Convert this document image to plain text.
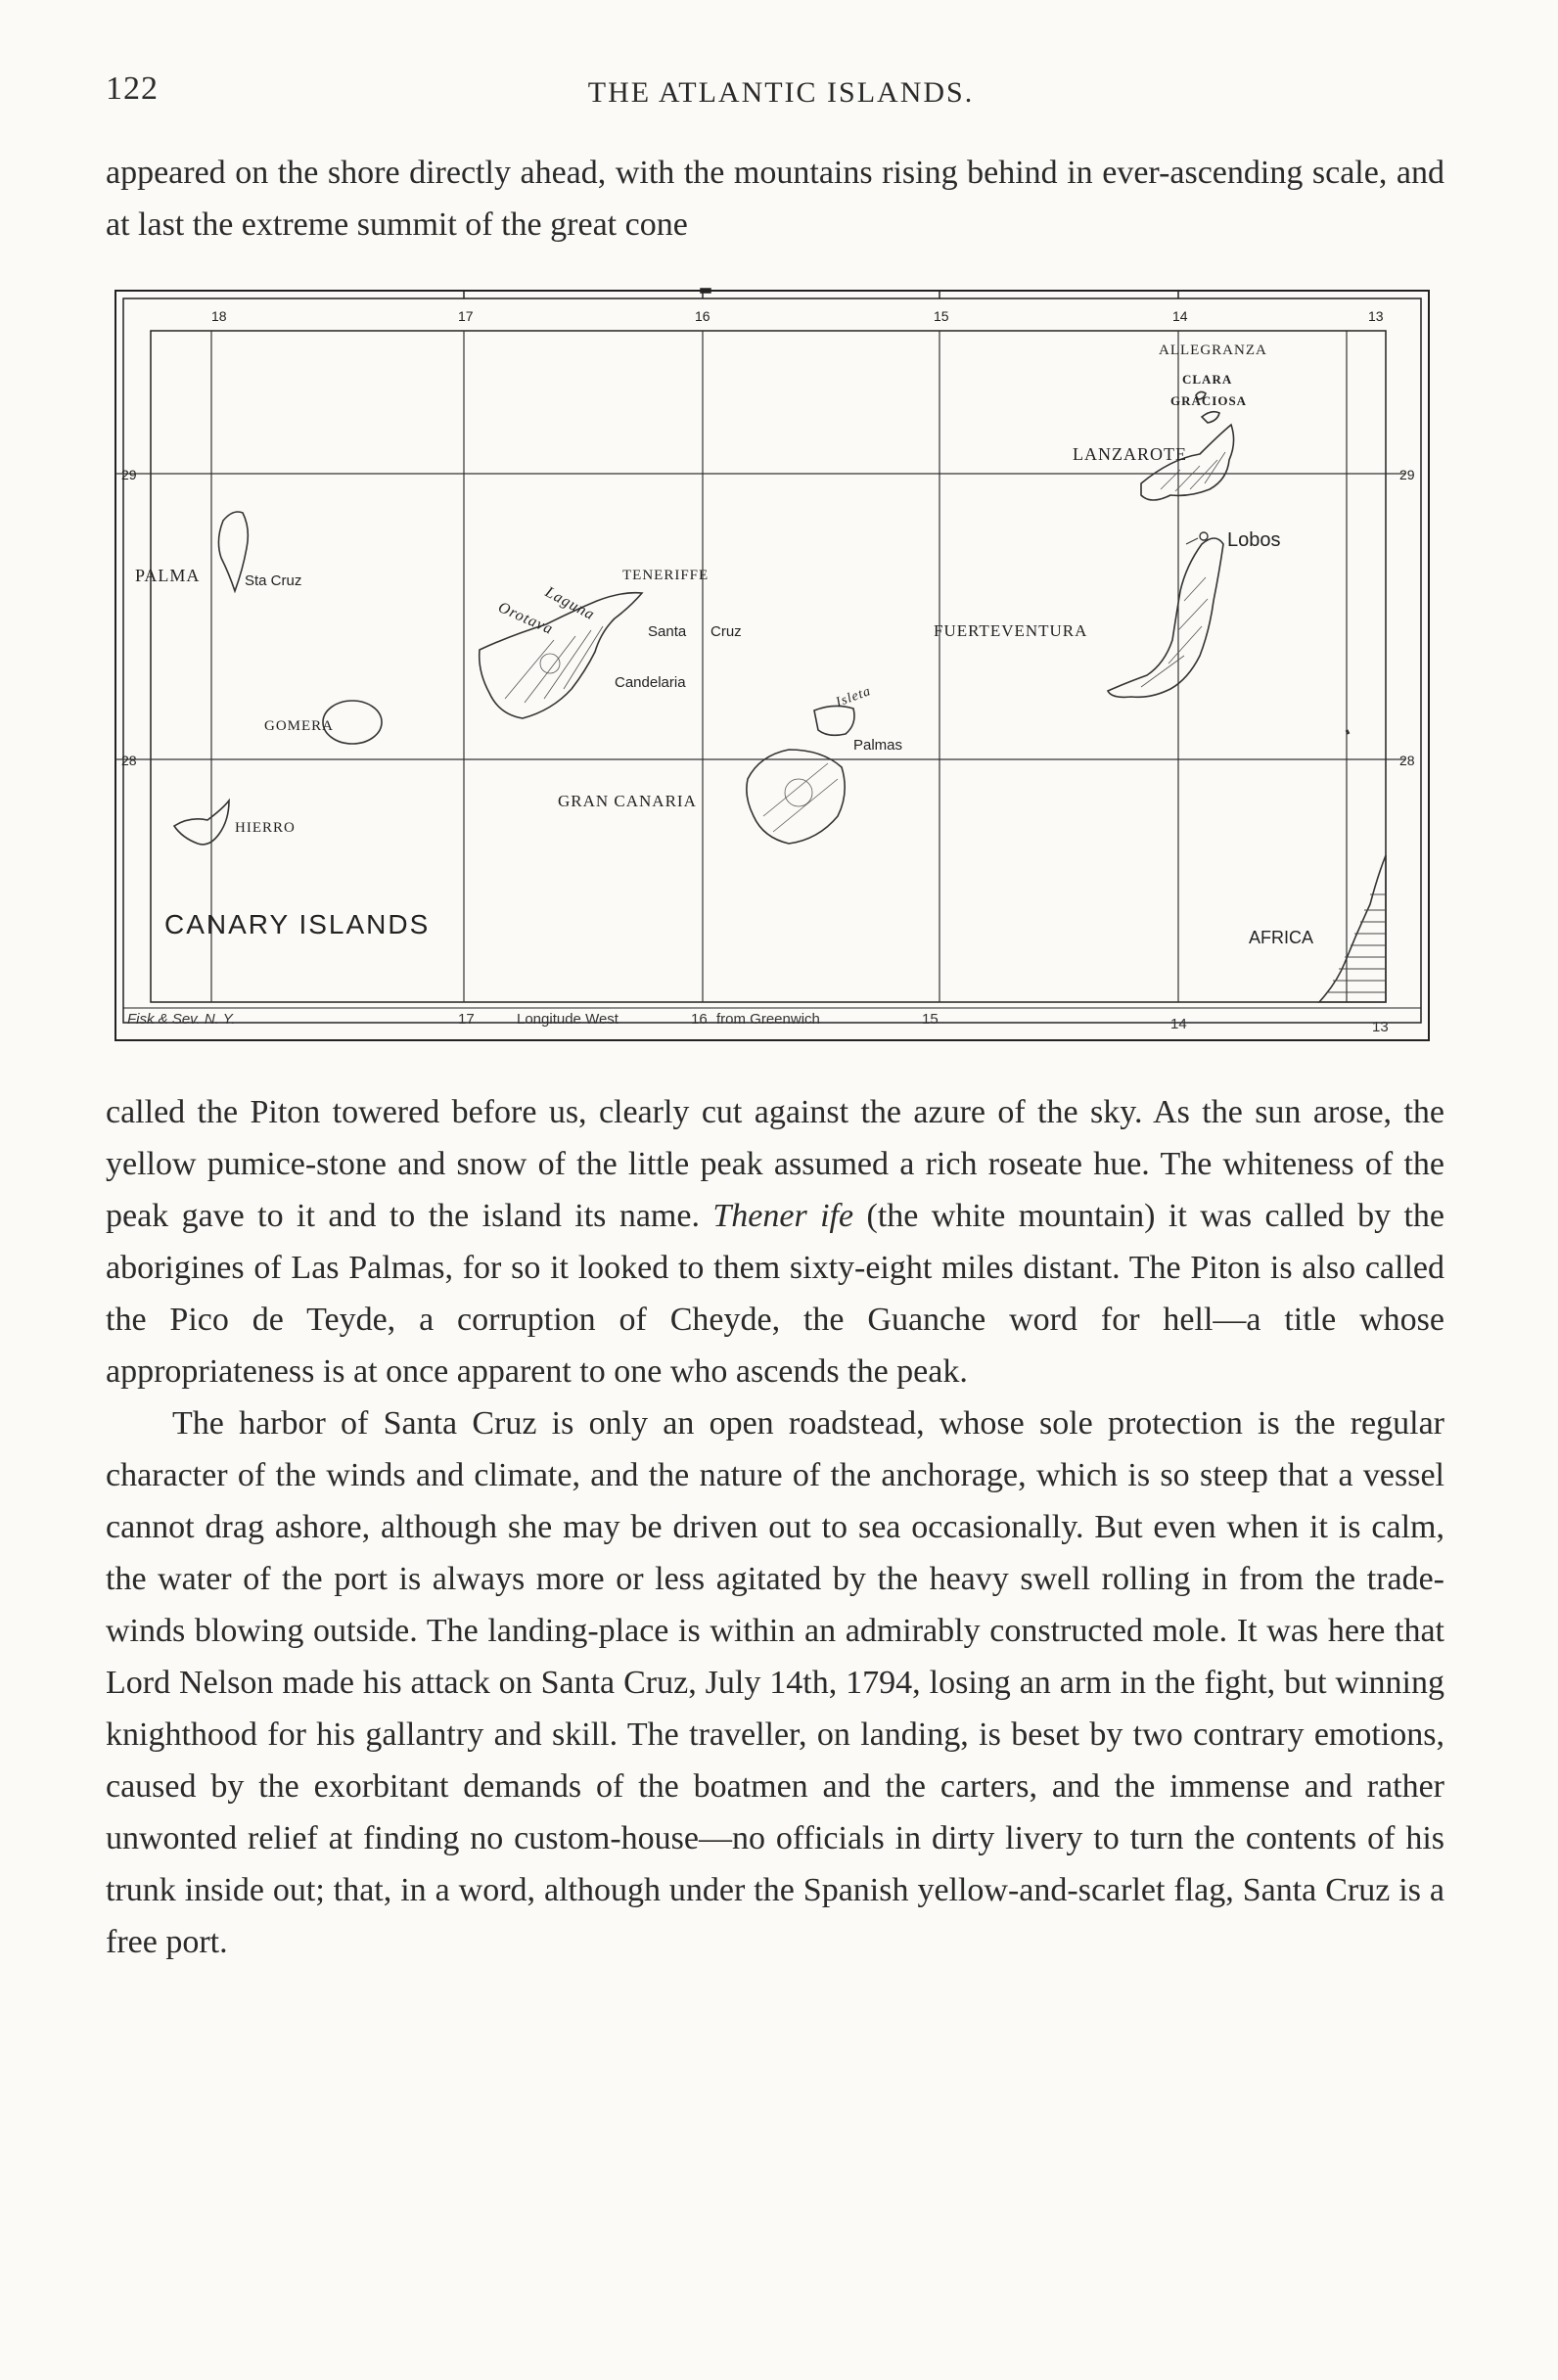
122	THE ATLANTIC ISLANDS.

appeared on the shore directly ahead, with the mountains rising behind in ever-ascending scale, and at last the extreme summit of the great cone

18	17	16	15	14	13
29
28
29
28
ALLEGRANZA
CLARA
GRACIOSA
LANZAROTE
Lobos
FUERTEVENTURA
PALMA	Sta Cruz
GOMERA
HIERRO
TENERIFFE
Laguna
Orotava	Santa Cruz
Candelaria
Isleta
Palmas
GRAN CANARIA
AFRICA
CANARY ISLANDS
Fisk & Sev. N. Y.	17	Longitude West	16 from Greenwich	15	14	13

called the Piton towered before us, clearly cut against the azure of the sky. As the sun arose, the yellow pumice-stone and snow of the little peak assumed a rich roseate hue. The whiteness of the peak gave to it and to the island its name. Thener ife (the white mountain) it was called by the aborigines of Las Palmas, for so it looked to them sixty-eight miles distant. The Piton is also called the Pico de Teyde, a corruption of Cheyde, the Guanche word for hell—a title whose appropriateness is at once apparent to one who ascends the peak.

The harbor of Santa Cruz is only an open roadstead, whose sole protection is the regular character of the winds and climate, and the nature of the anchorage, which is so steep that a vessel cannot drag ashore, although she may be driven out to sea occasionally. But even when it is calm, the water of the port is always more or less agitated by the heavy swell rolling in from the trade-winds blowing outside. The landing-place is within an admirably constructed mole. It was here that Lord Nelson made his attack on Santa Cruz, July 14th, 1794, losing an arm in the fight, but winning knighthood for his gallantry and skill. The traveller, on landing, is beset by two contrary emotions, caused by the exorbitant demands of the boatmen and the carters, and the immense and rather unwonted relief at finding no custom-house—no officials in dirty livery to turn the contents of his trunk inside out; that, in a word, although under the Spanish yellow-and-scarlet flag, Santa Cruz is a free port.
